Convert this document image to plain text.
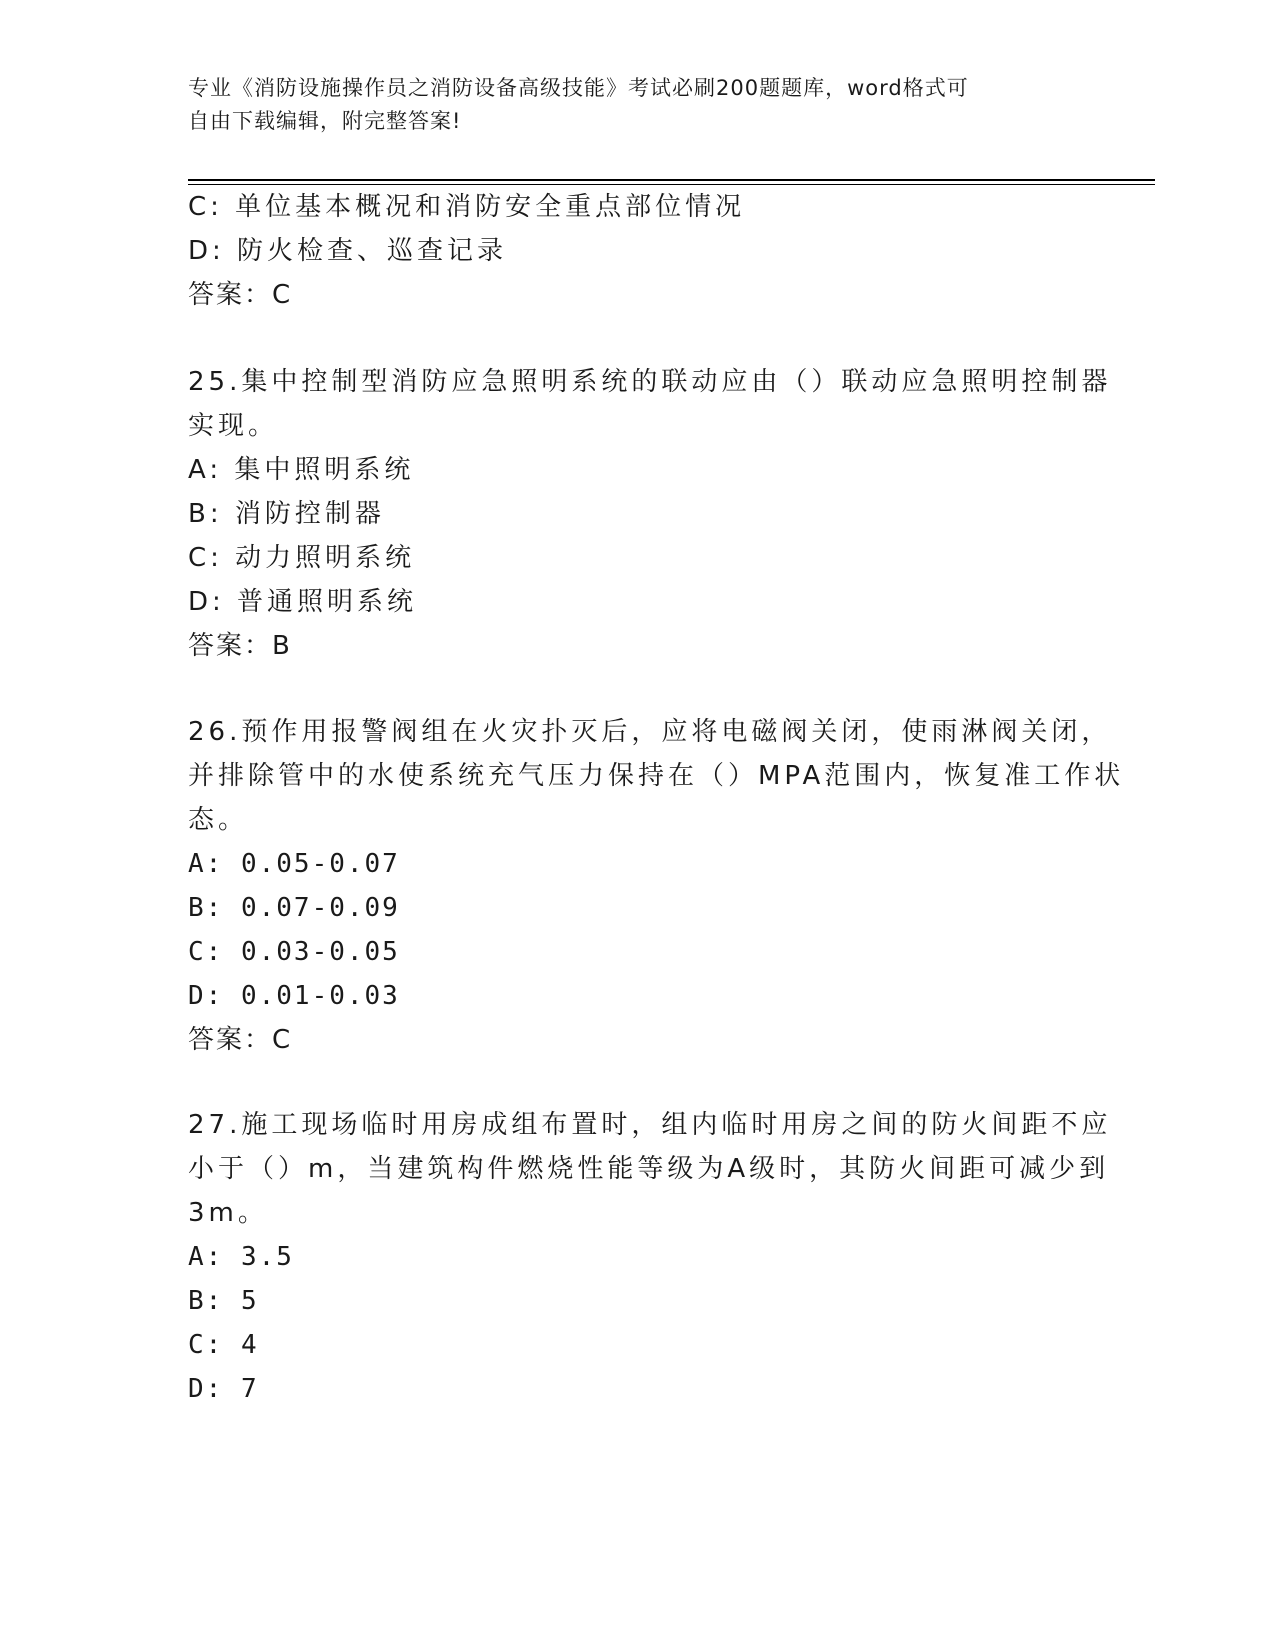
专业《消防设施操作员之消防设备高级技能》考试必刷200题题库，word格式可
自由下载编辑，附完整答案!
C: 单位基本概况和消防安全重点部位情况
D: 防火检查、巡查记录
答案：C
25.集中控制型消防应急照明系统的联动应由（）联动应急照明控制器
实现。
A: 集中照明系统
B: 消防控制器
C: 动力照明系统
D: 普通照明系统
答案：B
26.预作用报警阀组在火灾扑灭后，应将电磁阀关闭，使雨淋阀关闭，
并排除管中的水使系统充气压力保持在（）MPA范围内，恢复准工作状
态。
A: 0.05-0.07
B: 0.07-0.09
C: 0.03-0.05
D: 0.01-0.03
答案：C
27.施工现场临时用房成组布置时，组内临时用房之间的防火间距不应
小于（）m，当建筑构件燃烧性能等级为A级时，其防火间距可减少到
3m。
A: 3.5
B: 5
C: 4
D: 7
